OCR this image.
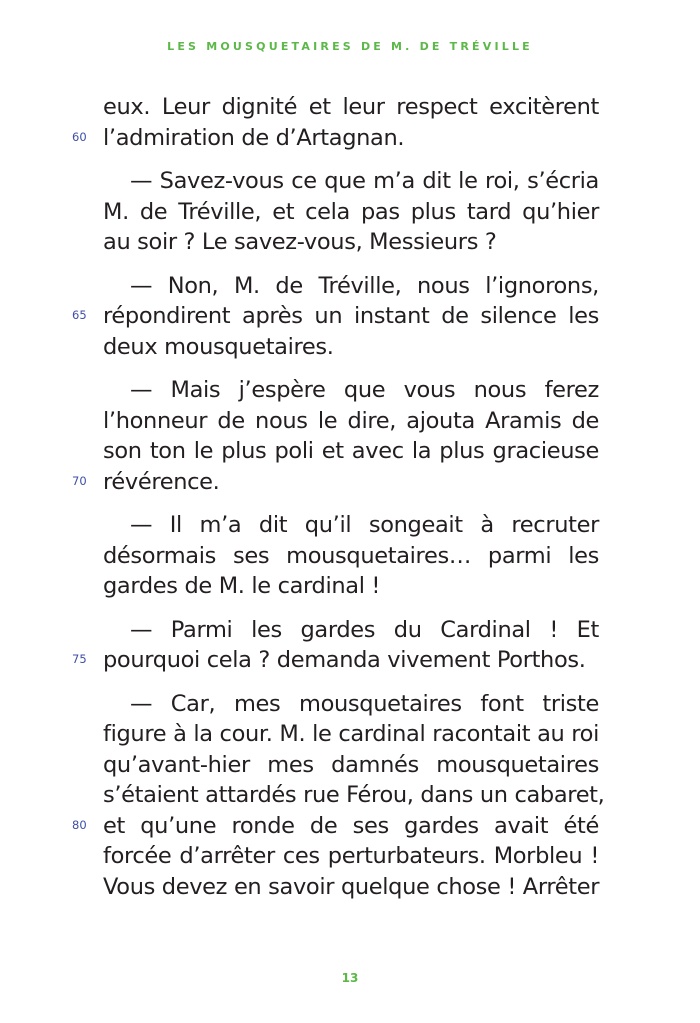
LES MOUSQUETAIRES DE M. DE TRÉVILLE
eux. Leur dignité et leur respect excitèrent
60 l’admiration de d’Artagnan.
— Savez-vous ce que m’a dit le roi, s’écria
M. de Tréville, et cela pas plus tard qu’hier
au soir ? Le savez-vous, Messieurs ?
— Non, M. de Tréville, nous l’ignorons,
65 répondirent après un instant de silence les
deux mousquetaires.
— Mais j’espère que vous nous ferez
l’honneur de nous le dire, ajouta Aramis de
son ton le plus poli et avec la plus gracieuse
70 révérence.
— Il m’a dit qu’il songeait à recruter
désormais ses mousquetaires… parmi les
gardes de M. le cardinal !
— Parmi les gardes du Cardinal ! Et
75 pourquoi cela ? demanda vivement Porthos.
— Car, mes mousquetaires font triste
figure à la cour. M. le cardinal racontait au roi
qu’avant-hier mes damnés mousquetaires
s’étaient attardés rue Férou, dans un cabaret,
80 et qu’une ronde de ses gardes avait été
forcée d’arrêter ces perturbateurs. Morbleu !
Vous devez en savoir quelque chose ! Arrêter
13
